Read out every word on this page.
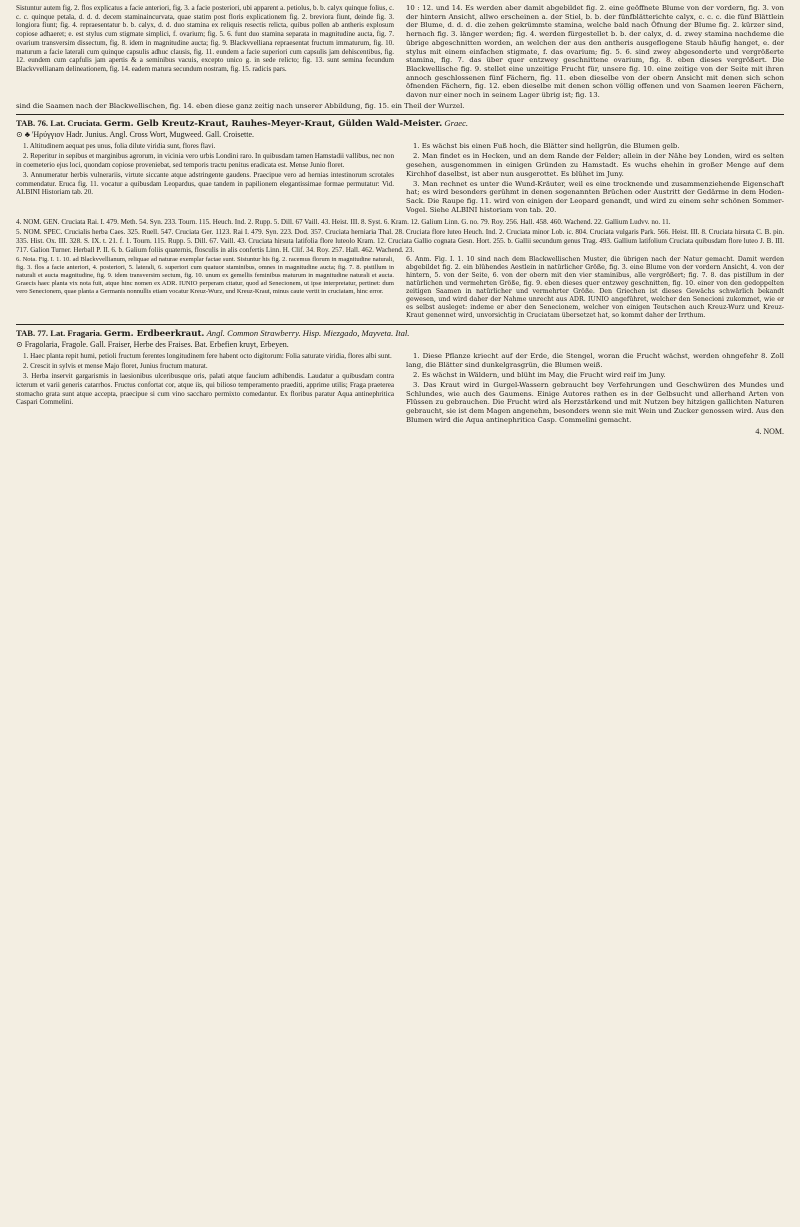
Sistuntur autem fig. 2. flos explicatus a facie anteriori, fig. 3. a facie posteriori, ubi apparent a. petiolus, b. b. calyx quinque folius, c. c. c. quinque petala, d. d. d. decem staminaincurvata, quae statim post floris explicationem fig. 2. breviora fiunt, deinde fig. 3. longiora fiunt; fig. 4. repraesentatur b. b. calyx, d. d. duo stamina ex reliquis resectis relicta, quibus pollen ab antheris explosum copiose adhaeret; e. est stylus cum stigmate simplici, f. ovarium; fig. 5. 6. funt duo stamina separata in magnitudine aucta, fig. 7. ovarium transversim dissectum, fig. 8. idem in magnitudine aucta; fig. 9. Blackvvelliana repraesentat fructum immaturum, fig. 10. maturum a facie laterali cum quinque capsulis adhuc clausis, fig. 11. eundem a facie superiori cum capsulis jam dehiscentibus, fig. 12. eundem cum capfulis jam apertis & a seminibus vacuis, excepto unico g. in sede relicto; fig. 13. sunt semina fecundum Blackvvellianam delineationem, fig. 14. eadem matura secundum nostram, fig. 15. radicis pars.
10 : 12. und 14. Es werden aber damit abgebildet fig. 2. eine geöffnete Blume von der vordern, fig. 3. von der hintern Ansicht, allwo erscheinen a. der Stiel, b. b. der fünfblätterichte calyx, c. c. c. die fünf Blättlein der Blume, d. d. d. die zehen gekrümmte stamina, welche bald nach Öfnung der Blume fig. 2. kürzer sind, hernach fig. 3. länger werden; fig. 4. werden fürgestellet b. b. der calyx, d. d. zwey stamina nachdeme die übrige abgeschnitten worden, an welchen der aus den antheris ausgeflogene Staub häufig hanget, e. der stylus mit einem einfachen stigmate, f. das ovarium; fig. 5. 6. sind zwey abgesonderte und vergrößerte stamina, fig. 7. das über quer entzwey geschnittene ovarium, fig. 8. eben dieses vergrößert. Die Blackwellische fig. 9. stellet eine unzeitige Frucht für, unsere fig. 10. eine zeitige von der Seite mit ihren annoch geschlossenen fünf Fächern, fig. 11. eben dieselbe von der obern Ansicht mit denen sich schon öfnenden Fächern, fig. 12. eben dieselbe mit denen schon völlig offenen und von Saamen leeren Fächern, davon nur einer noch in seinem Lager übrig ist; fig. 13.
sind die Saamen nach der Blackwellischen, fig. 14. eben diese ganz zeitig nach unserer Abbildung, fig. 15. ein Theil der Wurzel.

TAB. 76. Lat. Cruciata. Germ. Gelb Kreutz-Kraut, Rauhes-Meyer-Kraut, Gülden Wald-Meister. Graec.

⊙ ♣ 'Ηρύγγιον Hadr. Junius. Angl. Cross Wort, Mugweed. Gall. Croisette.

1. Altitudinem aequat pes unus, folia dilute viridia sunt, flores flavi.

2. Reperitur in sepibus et marginibus agrorum, in vicinia vero urbis Londini raro. In quibusdam tamen Hamstadii vallibus, nec non in coemeterio ejus loci, quondam copiose proveniebat, sed temporis tractu penitus eradicata est. Mense Junio floret.

3. Annumeratur herbis vulnerariis, virtute siccante atque adstringente gaudens. Praecipue vero ad hernias intestinorum scrotales commendatur. Eruca fig. 11. vocatur a quibusdam Leopardus, quae tandem in papilionem elegantissimae formae permutatur: Vid. ALBINI Historiam tab. 20.

1. Es wächst bis einen Fuß hoch, die Blätter sind hellgrün, die Blumen gelb.

2. Man findet es in Hecken, und an dem Rande der Felder; allein in der Nähe bey Londen, wird es selten gesehen, ausgenommen in einigen Gründen zu Hamstadt. Es wuchs ehehin in großer Menge auf dem Kirchhof daselbst, ist aber nun ausgerottet. Es blühet im Juny.

3. Man rechnet es unter die Wund-Kräuter, weil es eine trocknende und zusammenziehende Eigenschaft hat; es wird besonders gerühmt in denen sogenannten Brüchen oder Austritt der Gedärme in dem Hoden-Sack. Die Raupe fig. 11. wird von einigen der Leopard genandt, und wird zu einem sehr schönen Sommer-Vogel. Siehe ALBINI historiam von tab. 20.

4. NOM. GEN. Cruciata Rai. I. 479. Meth. 54. Syn. 233. Tourn. 115. Heuch. Ind. 2. Rupp. 5. Dill. 67 Vaill. 43. Heist. III. 8. Syst. 6. Kram. 12. Galium Linn. G. no. 79. Roy. 256. Hall. 458. 460. Wachend. 22. Gallium Ludvv. no. 11.

5. NOM. SPEC. Crucialis herba Caes. 325. Ruell. 547. Cruciata Ger. 1123. Rai I. 479. Syn. 223. Dod. 357. Cruciata herniaria Thal. 28. Cruciata flore luteo Heuch. Ind. 2. Cruciata minor Lob. ic. 804. Cruciata vulgaris Park. 566. Heist. III. 8. Cruciata hirsuta C. B. pin. 335. Hist. Ox. III. 328. S. IX. t. 21. f. 1. Tourn. 115. Rupp. 5. Dill. 67. Vaill. 43. Cruciata hirsuta latifolia flore luteolo Kram. 12. Cruciata Gallio cognata Gesn. Hort. 255. b. Gallii secundum genus Trag. 493. Gallium latifolium Cruciata quibusdam flore luteo J. B. III. 717. Galion Turner. Herball P. II. 6. b. Galium foliis quaternis, flosculis in alis confertis Linn. H. Clif. 34. Roy. 257. Hall. 462. Wachend. 23.

6. Nota. Fig. I. 1. 10. ad Blackvvellianum, reliquae ad naturae exemplar factae sunt. Sistuntur his fig. 2. racemus florum in magnitudine naturali, fig. 3. flos a facie anteriori, 4. posteriori, 5. laterali, 6. superiori cum quatuor staminibus, omnes in magnitudine aucta; fig. 7. 8. pistillum in naturali et aucta magnitudine, fig. 9. idem transversim sectum, fig. 10. unum ex gemellis feminibus maturum in magnitudine naturali et aucta. Graecis haec planta vix nota fuit, atque hinc nomen ex ADR. IUNIO perperam citatur, quod ad Senecionem, ut ipse interpretatur, pertinet: dum vero Senecionem, quae planta a Germanis nonnullis etiam vocatur Kreuz-Wurz, und Kreuz-Kraut, minus caute vertit in cruciatam, hinc error.
6. Anm. Fig. I. 1. 10 sind nach dem Blackwellischen Muster, die übrigen nach der Natur gemacht. Damit werden abgebildet fig. 2. ein blühendes Aestlein in natürlicher Größe, fig. 3. eine Blume von der vordern Ansicht, 4. von der hintern, 5. von der Seite, 6. von der obern mit den vier staminibus, alle vergrößert; fig. 7. 8. das pistillum in der natürlichen und vermehrten Größe, fig. 9. eben dieses quer entzwey geschnitten, fig. 10. einer von den gedoppelten zeitigen Saamen in natürlicher und vermehrter Größe. Den Griechen ist dieses Gewächs schwärlich bekandt gewesen, und wird daher der Nahme unrecht aus ADR. IUNIO angeführet, welcher den Senecioni zukommet, wie er es selbst ausleget: indeme er aber den Senecionem, welcher von einigen Teutschen auch Kreuz-Wurz und Kreuz-Kraut genennet wird, unvorsichtig in Cruciatam übersetzet hat, so kommt daher der Irrthum.

TAB. 77. Lat. Fragaria. Germ. Erdbeerkraut. Angl. Common Strawberry. Hisp. Miezgado, Mayveta. Ital.

⊙ Fragolaria, Fragole. Gall. Fraiser, Herbe des Fraises. Bat. Erbefien kruyt, Erbeyen.

1. Haec planta repit humi, petioli fructum ferentes longitudinem fere habent octo digitorum: Folia saturate viridia, flores albi sunt.

2. Crescit in sylvis et mense Majo floret, Junius fructum maturat.

3. Herba inservit gargarismis in laesionibus ulceribusque oris, palati atque faucium adhibendis. Laudatur a quibusdam contra icterum et varii generis catarrhos. Fructus confortat cor, atque iis, qui bilioso temperamento praediti, apprime utilis; Fraga praeterea stomacho grata sunt atque accepta, praecipue si cum vino saccharo permixto comedantur. Ex floribus paratur Aqua antinephritica Caspari Commelini.

1. Diese Pflanze kriecht auf der Erde, die Stengel, woran die Frucht wächst, werden ohngefehr 8. Zoll lang, die Blätter sind dunkelgrasgrün, die Blumen weiß.

2. Es wächst in Wäldern, und blüht im May, die Frucht wird reif im Juny.

3. Das Kraut wird in Gurgel-Wassern gebraucht bey Verfehrungen und Geschwüren des Mundes und Schlundes, wie auch des Gaumens. Einige Autores rathen es in der Gelbsucht und allerhand Arten von Flüssen zu gebrauchen. Die Frucht wird als Herzstärkend und mit Nutzen bey hitzigen gallichten Naturen gebraucht, sie ist dem Magen angenehm, besonders wenn sie mit Wein und Zucker genossen wird. Aus den Blumen wird die Aqua antinephritica Casp. Commelini gemacht.

4. NOM.
